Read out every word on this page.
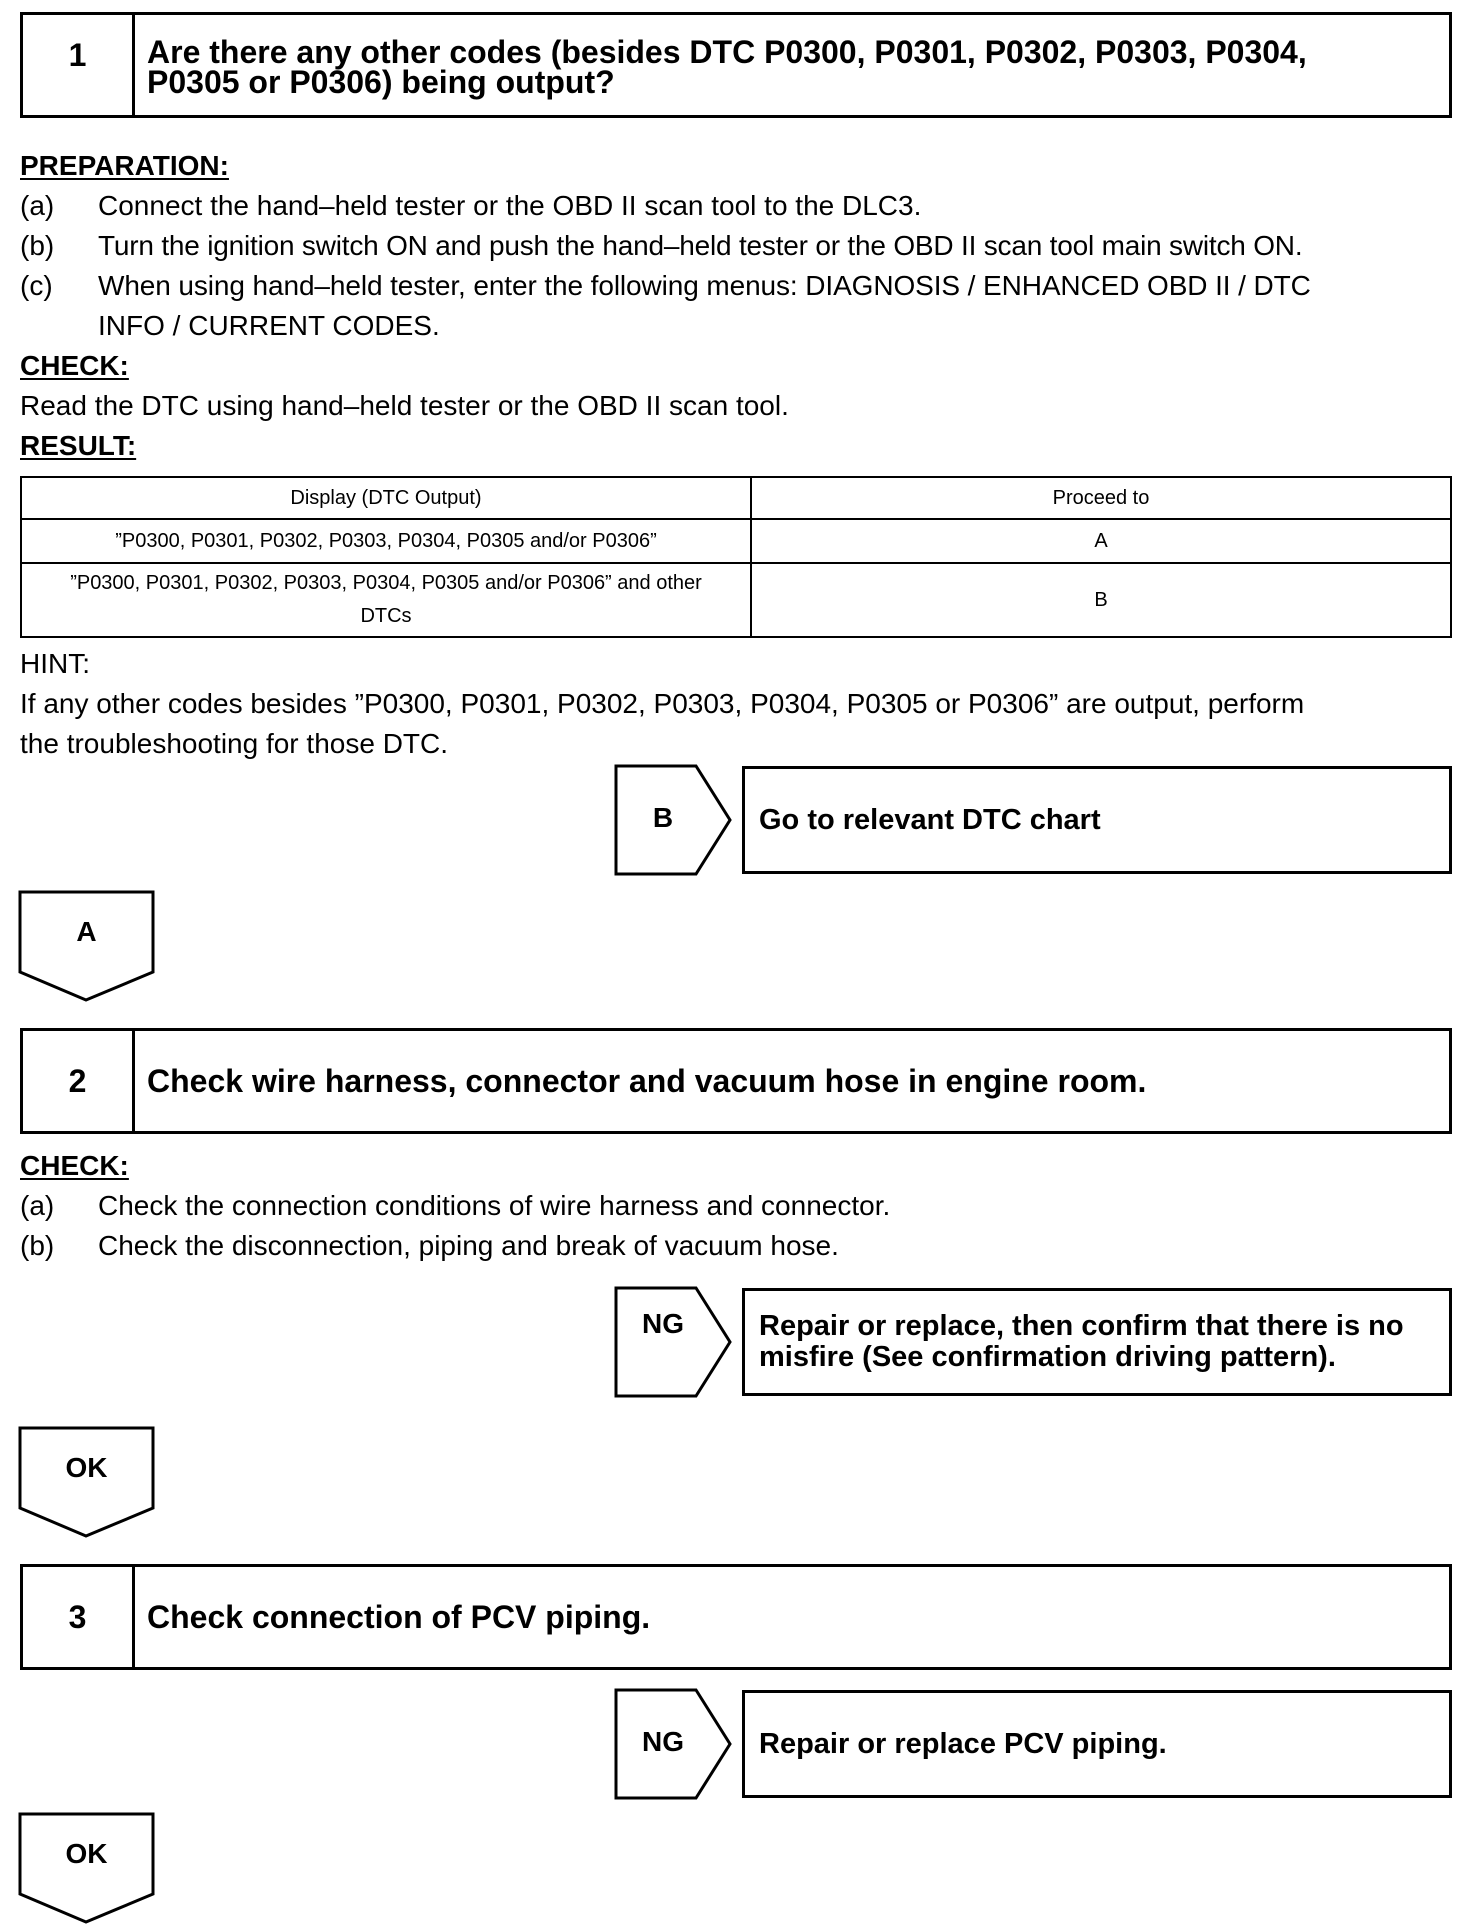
1	Are there any other codes (besides DTC P0300, P0301, P0302, P0303, P0304,
P0305 or P0306) being output?
PREPARATION:
(a) Connect the hand–held tester or the OBD II scan tool to the DLC3.
(b) Turn the ignition switch ON and push the hand–held tester or the OBD II scan tool main switch ON.
(c) When using hand–held tester, enter the following menus: DIAGNOSIS / ENHANCED OBD II / DTC
INFO / CURRENT CODES.
CHECK:
Read the DTC using hand–held tester or the OBD II scan tool.
RESULT:
Display (DTC Output)	Proceed to
”P0300, P0301, P0302, P0303, P0304, P0305 and/or P0306”	A

”P0300, P0301, P0302, P0303, P0304, P0305 and/or P0306” and other
DTCs	B
HINT:
If any other codes besides ”P0300, P0301, P0302, P0303, P0304, P0305 or P0306” are output, perform
the troubleshooting for those DTC.
B	Go to relevant DTC chart
A
2	Check wire harness, connector and vacuum hose in engine room.
CHECK:
(a) Check the connection conditions of wire harness and connector.
(b) Check the disconnection, piping and break of vacuum hose.
NG	Repair or replace, then confirm that there is no
misfire (See confirmation driving pattern).
OK
3	Check connection of PCV piping.
NG	Repair or replace PCV piping.
OK
